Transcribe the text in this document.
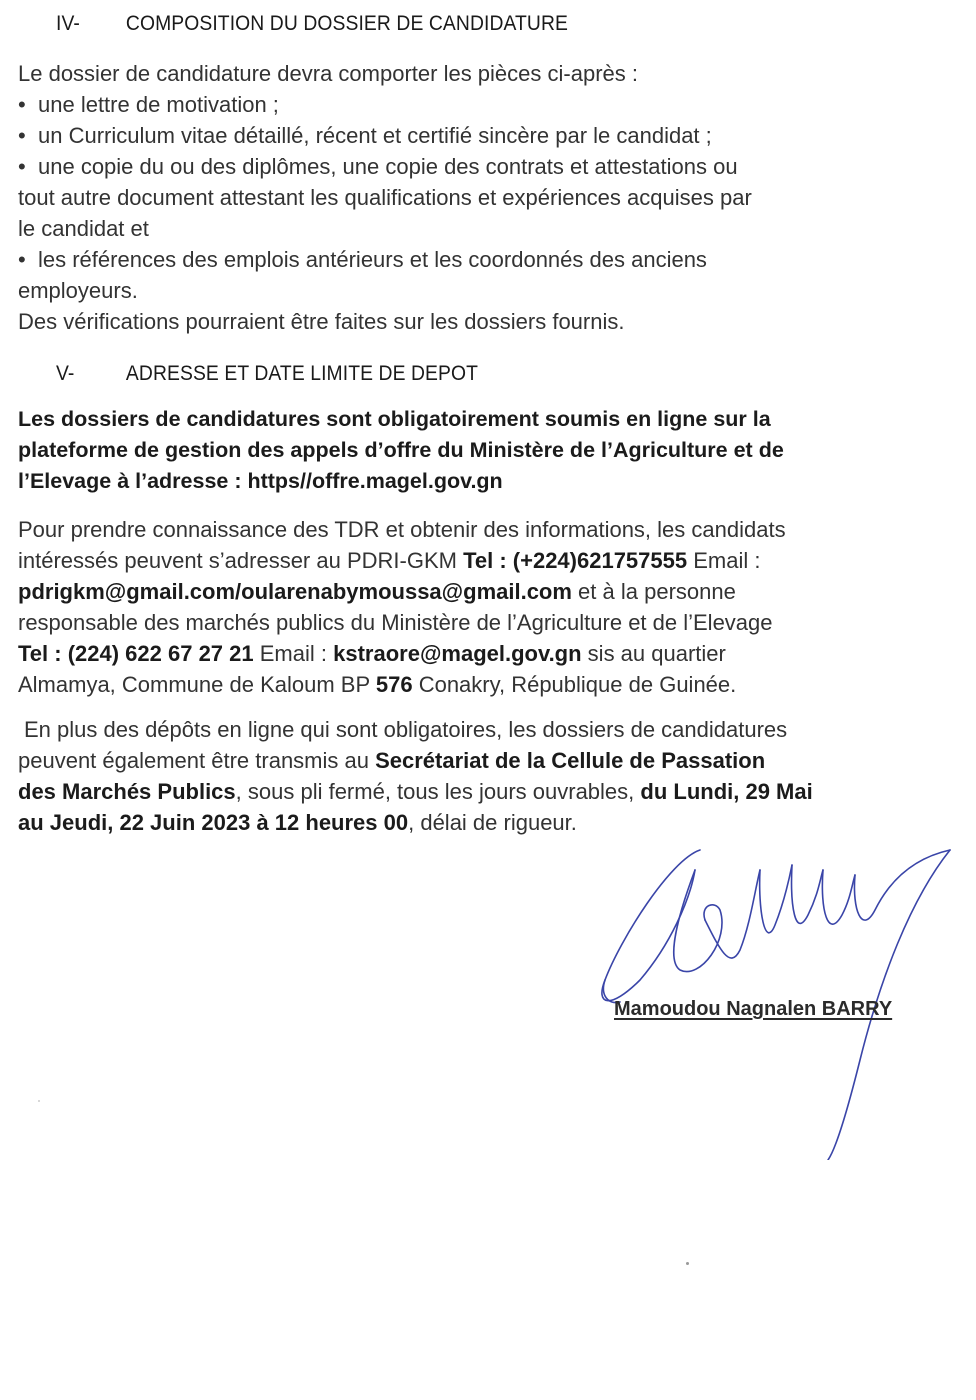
IV- COMPOSITION DU DOSSIER DE CANDIDATURE
Le dossier de candidature devra comporter les pièces ci-après :
• une lettre de motivation ;
• un Curriculum vitae détaillé, récent et certifié sincère par le candidat ;
• une copie du ou des diplômes, une copie des contrats et attestations ou
tout autre document attestant les qualifications et expériences acquises par
le candidat et
• les références des emplois antérieurs et les coordonnés des anciens
employeurs.
Des vérifications pourraient être faites sur les dossiers fournis.
V- ADRESSE ET DATE LIMITE DE DEPOT
Les dossiers de candidatures sont obligatoirement soumis en ligne sur la
plateforme de gestion des appels d’offre du Ministère de l’Agriculture et de
l’Elevage à l’adresse : https//offre.magel.gov.gn
Pour prendre connaissance des TDR et obtenir des informations, les candidats
intéressés peuvent s’adresser au PDRI-GKM Tel : (+224)621757555 Email :
pdrigkm@gmail.com/oularenabymoussa@gmail.com et à la personne
responsable des marchés publics du Ministère de l’Agriculture et de l’Elevage
Tel : (224) 622 67 27 21 Email : kstraore@magel.gov.gn sis au quartier
Almamya, Commune de Kaloum BP 576 Conakry, République de Guinée.
En plus des dépôts en ligne qui sont obligatoires, les dossiers de candidatures
peuvent également être transmis au Secrétariat de la Cellule de Passation
des Marchés Publics, sous pli fermé, tous les jours ouvrables, du Lundi, 29 Mai
au Jeudi, 22 Juin 2023 à 12 heures 00, délai de rigueur.
Mamoudou Nagnalen BARRY
